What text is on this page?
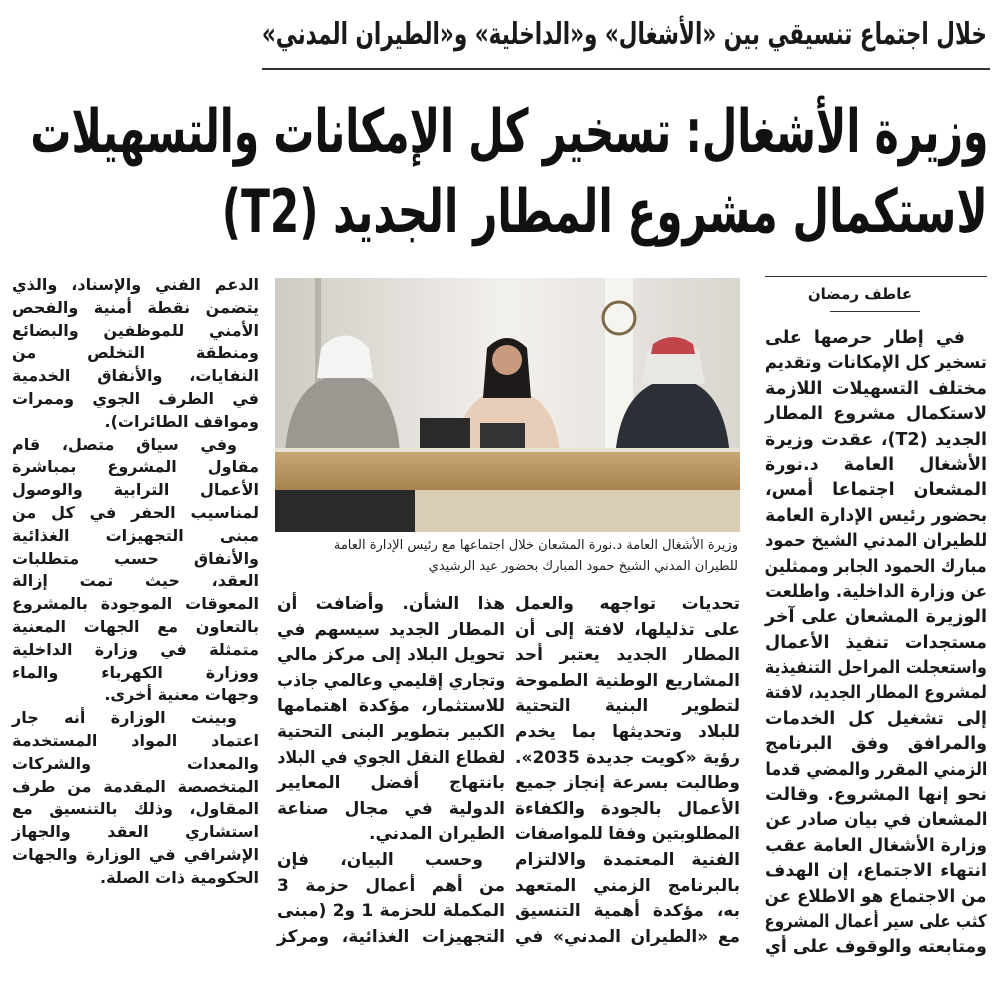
خلال اجتماع تنسيقي بين «الأشغال» و«الداخلية» و«الطيران المدني»
وزيرة الأشغال: تسخير كل الإمكانات والتسهيلات
لاستكمال مشروع المطار الجديد (T2)
عاطف رمضان
وزيرة الأشغال العامة د.نورة المشعان خلال اجتماعها مع رئيس الإدارة العامة
للطيران المدني الشيخ حمود المبارك بحضور عيد الرشيدي
في إطار حرصها على
تسخير كل الإمكانات وتقديم
مختلف التسهيلات اللازمة
لاستكمال مشروع المطار
الجديد (T2)، عقدت وزيرة
الأشغال العامة د.نورة
المشعان اجتماعا أمس،
بحضور رئيس الإدارة العامة
للطيران المدني الشيخ حمود
مبارك الحمود الجابر وممثلين
عن وزارة الداخلية. واطلعت
الوزيرة المشعان على آخر
مستجدات تنفيذ الأعمال
واستعجلت المراحل التنفيذية
لمشروع المطار الجديد، لافتة
إلى تشغيل كل الخدمات
والمرافق وفق البرنامج
الزمني المقرر والمضي قدما
نحو إنها المشروع. وقالت
المشعان في بيان صادر عن
وزارة الأشغال العامة عقب
انتهاء الاجتماع، إن الهدف
من الاجتماع هو الاطلاع عن
كثب على سير أعمال المشروع
ومتابعته والوقوف على أي
تحديات تواجهه والعمل
على تذليلها، لافتة إلى أن
المطار الجديد يعتبر أحد
المشاريع الوطنية الطموحة
لتطوير البنية التحتية
للبلاد وتحديثها بما يخدم
رؤية «كويت جديدة 2035».
وطالبت بسرعة إنجاز جميع
الأعمال بالجودة والكفاءة
المطلوبتين وفقا للمواصفات
الفنية المعتمدة والالتزام
بالبرنامج الزمني المتعهد
به، مؤكدة أهمية التنسيق
مع «الطيران المدني» في
هذا الشأن. وأضافت أن
المطار الجديد سيسهم في
تحويل البلاد إلى مركز مالي
وتجاري إقليمي وعالمي جاذب
للاستثمار، مؤكدة اهتمامها
الكبير بتطوير البنى التحتية
لقطاع النقل الجوي في البلاد
بانتهاج أفضل المعايير
الدولية في مجال صناعة
الطيران المدني.
وحسب البيان، فإن
من أهم أعمال حزمة 3
المكملة للحزمة 1 و2 (مبنى
التجهيزات الغذائية، ومركز
الدعم الفني والإسناد، والذي
يتضمن نقطة أمنية والفحص
الأمني للموظفين والبضائع
ومنطقة التخلص من
النفايات، والأنفاق الخدمية
في الطرف الجوي وممرات
ومواقف الطائرات).
وفي سياق متصل، قام
مقاول المشروع بمباشرة
الأعمال الترابية والوصول
لمناسيب الحفر في كل من
مبنى التجهيزات الغذائية
والأنفاق حسب متطلبات
العقد، حيث تمت إزالة
المعوقات الموجودة بالمشروع
بالتعاون مع الجهات المعنية
متمثلة في وزارة الداخلية
ووزارة الكهرباء والماء
وجهات معنية أخرى.
وبينت الوزارة أنه جار
اعتماد المواد المستخدمة
والمعدات والشركات
المتخصصة المقدمة من طرف
المقاول، وذلك بالتنسيق مع
استشاري العقد والجهاز
الإشرافي في الوزارة والجهات
الحكومية ذات الصلة.
